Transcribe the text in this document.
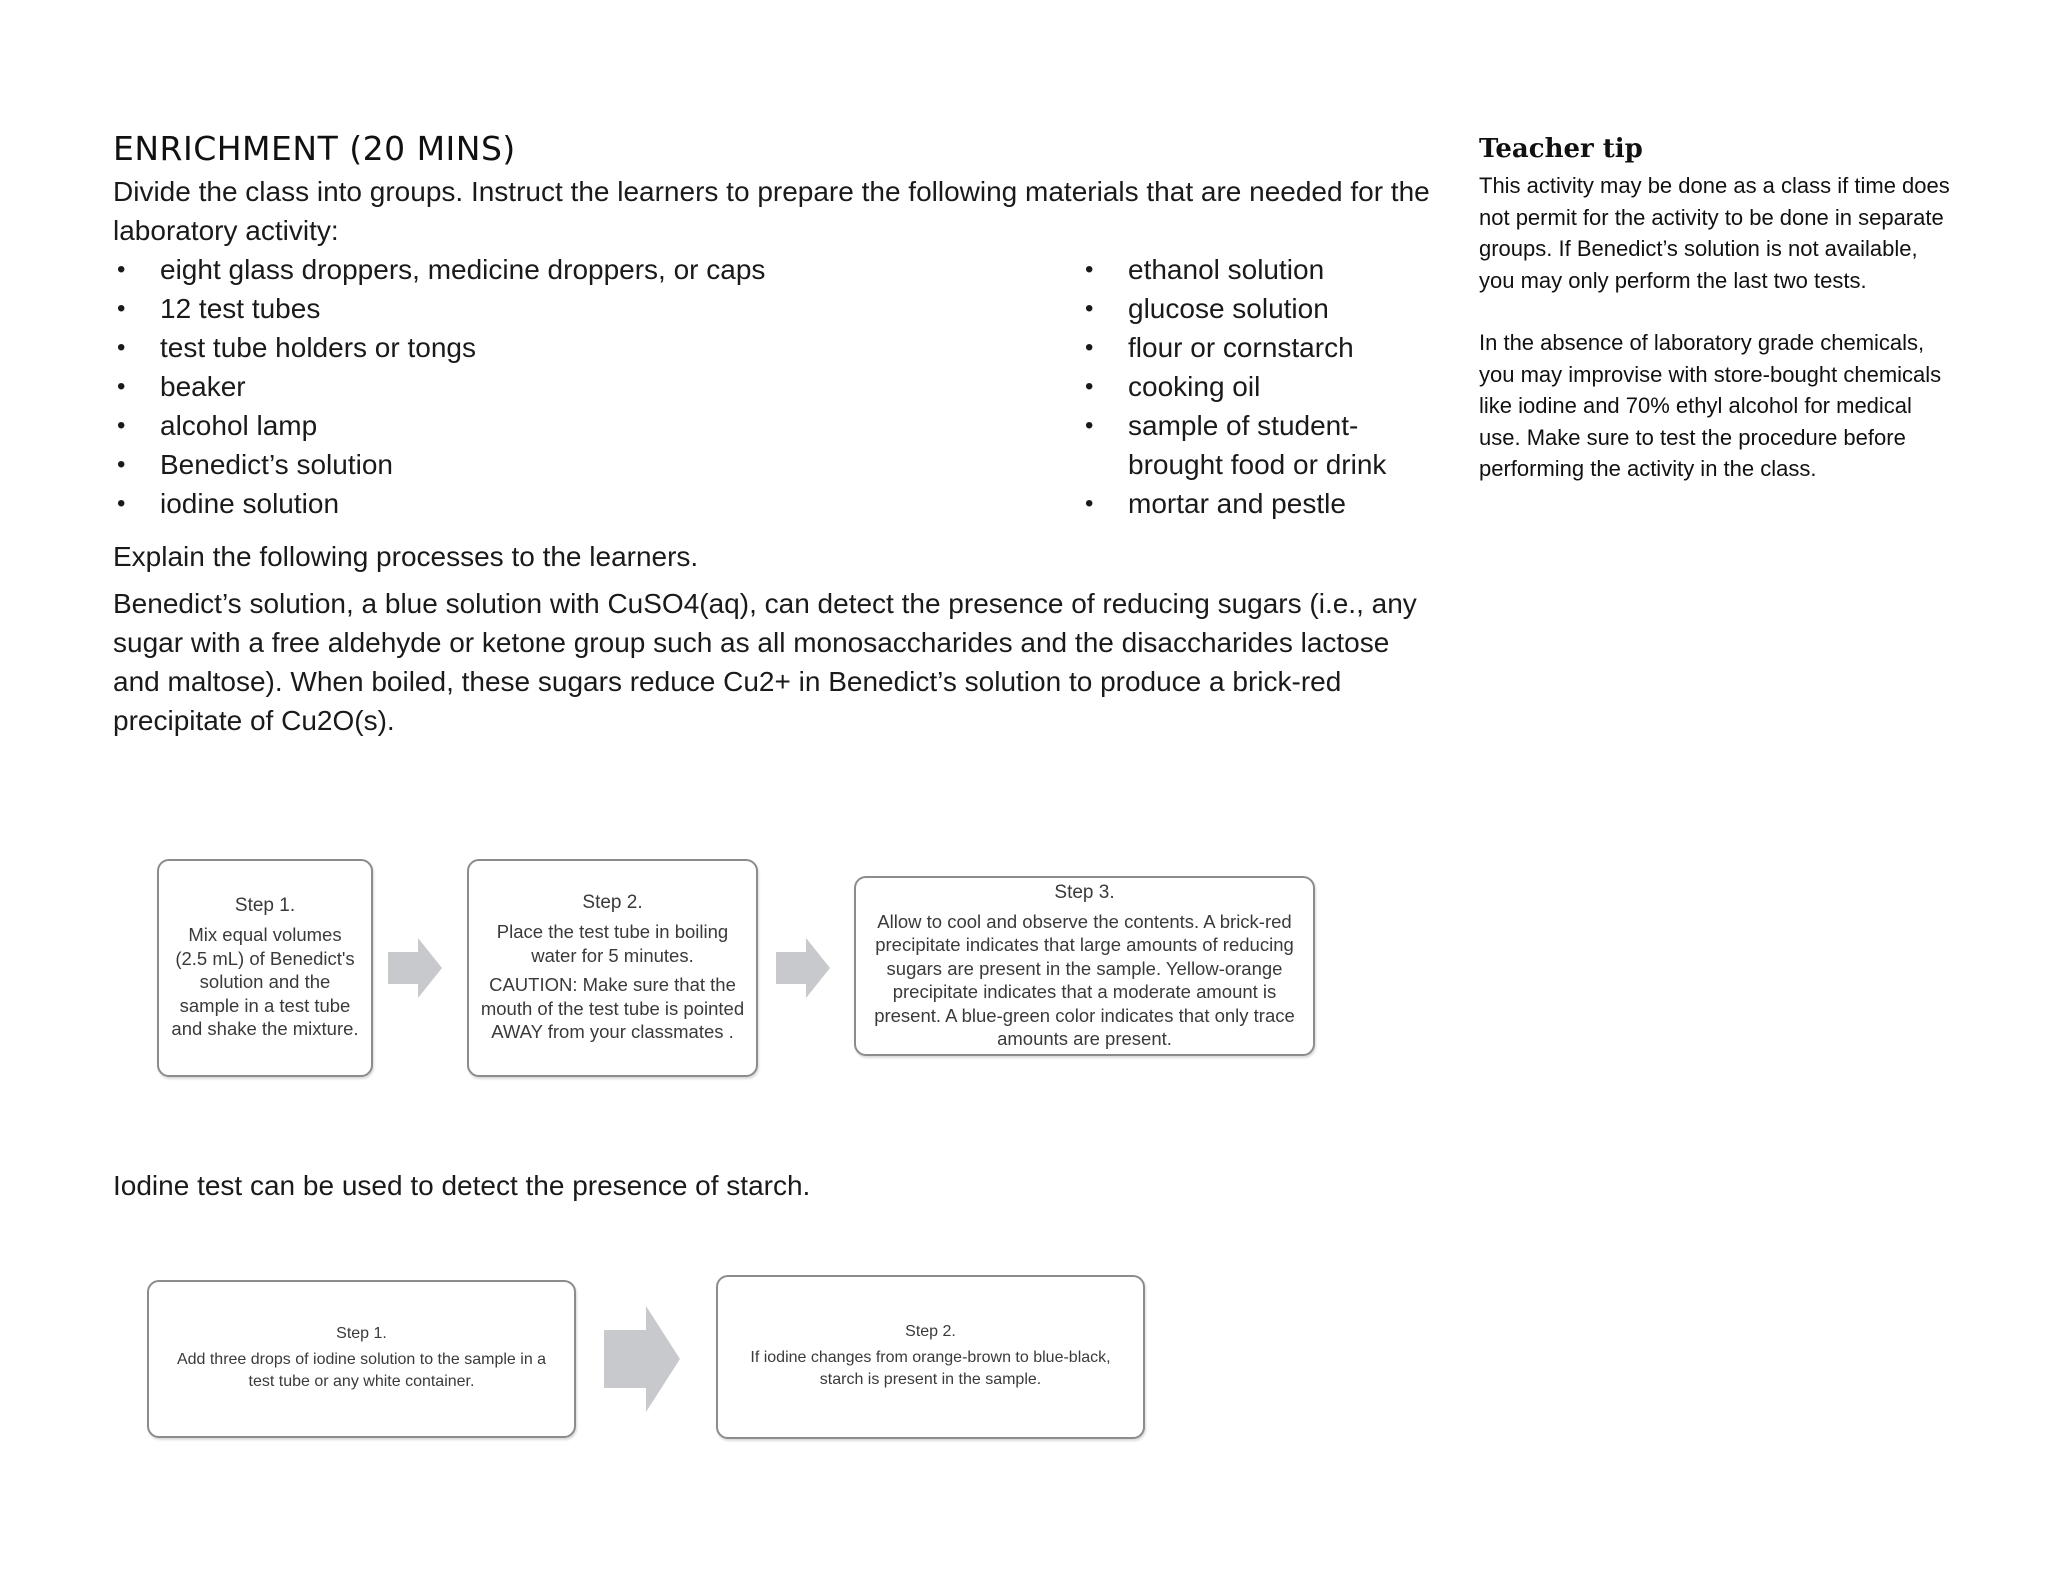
ENRICHMENT (20 MINS)

Divide the class into groups. Instruct the learners to prepare the following materials that are needed for the laboratory activity:

• eight glass droppers, medicine droppers, or caps
• 12 test tubes
• test tube holders or tongs
• beaker
• alcohol lamp
• Benedict’s solution
• iodine solution
• ethanol solution
• glucose solution
• flour or cornstarch
• cooking oil
• sample of student-brought food or drink
• mortar and pestle

Explain the following processes to the learners.

Benedict’s solution, a blue solution with CuSO4(aq), can detect the presence of reducing sugars (i.e., any sugar with a free aldehyde or ketone group such as all monosaccharides and the disaccharides lactose and maltose). When boiled, these sugars reduce Cu2+ in Benedict’s solution to produce a brick-red precipitate of Cu2O(s).

Step 1.
Mix equal volumes (2.5 mL) of Benedict's solution and the sample in a test tube and shake the mixture.
Step 2.
Place the test tube in boiling water for 5 minutes.
CAUTION: Make sure that the mouth of the test tube is pointed AWAY from your classmates .
Step 3.
Allow to cool and observe the contents. A brick-red precipitate indicates that large amounts of reducing sugars are present in the sample. Yellow-orange precipitate indicates that a moderate amount is present. A blue-green color indicates that only trace amounts are present.

Iodine test can be used to detect the presence of starch.

Step 1.
Add three drops of iodine solution to the sample in a test tube or any white container.
Step 2.
If iodine changes from orange-brown to blue-black, starch is present in the sample.
Teacher tip

This activity may be done as a class if time does not permit for the activity to be done in separate groups. If Benedict’s solution is not available, you may only perform the last two tests.

In the absence of laboratory grade chemicals, you may improvise with store-bought chemicals like iodine and 70% ethyl alcohol for medical use. Make sure to test the procedure before performing the activity in the class.
